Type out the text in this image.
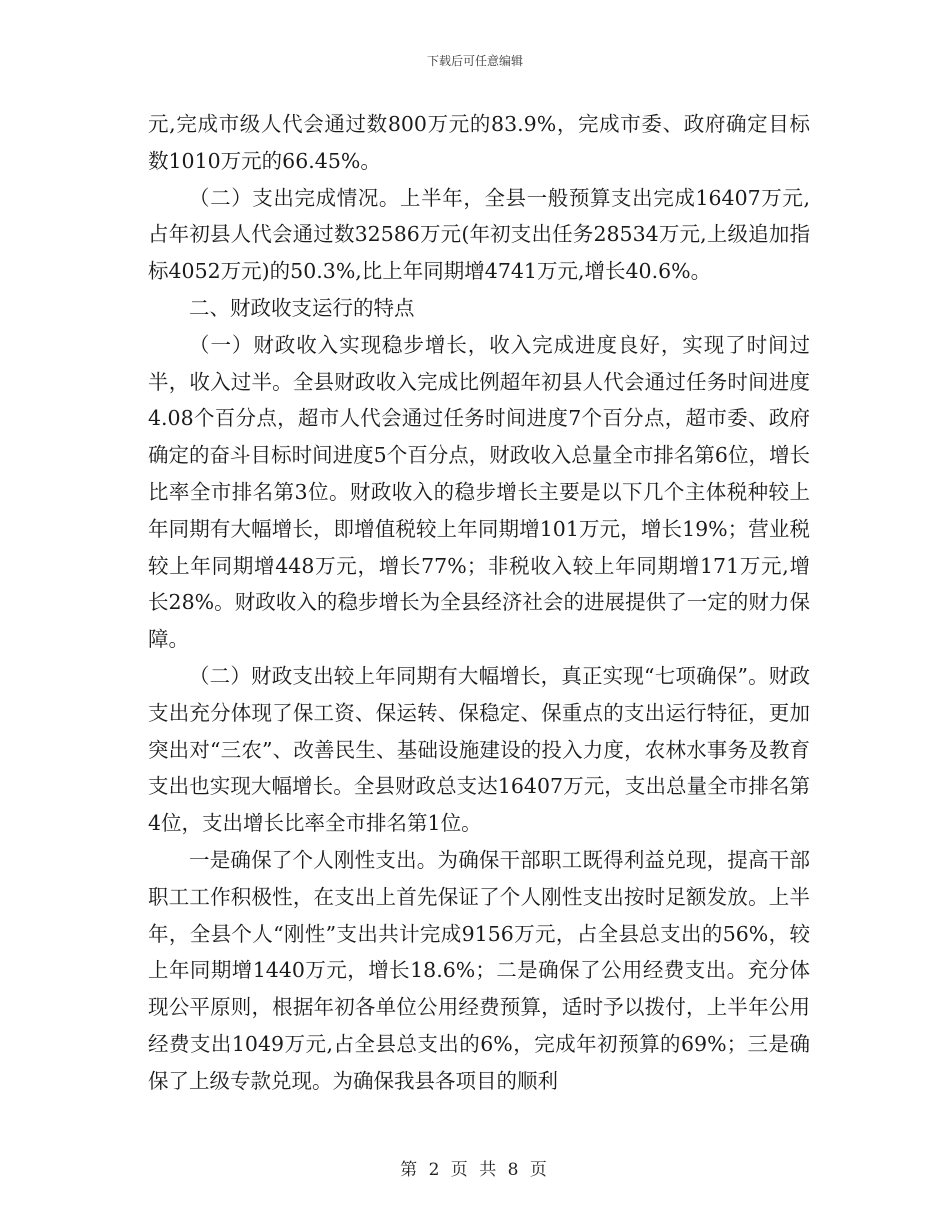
下载后可任意编辑

元,完成市级人代会通过数800万元的83.9%，完成市委、政府确定目标数1010万元的66.45%。

（二）支出完成情况。上半年，全县一般预算支出完成16407万元,占年初县人代会通过数32586万元(年初支出任务28534万元,上级追加指标4052万元)的50.3%,比上年同期增4741万元,增长40.6%。

二、财政收支运行的特点

（一）财政收入实现稳步增长，收入完成进度良好，实现了时间过半，收入过半。全县财政收入完成比例超年初县人代会通过任务时间进度4.08个百分点，超市人代会通过任务时间进度7个百分点，超市委、政府确定的奋斗目标时间进度5个百分点，财政收入总量全市排名第6位，增长比率全市排名第3位。财政收入的稳步增长主要是以下几个主体税种较上年同期有大幅增长，即增值税较上年同期增101万元，增长19%；营业税较上年同期增448万元，增长77%；非税收入较上年同期增171万元,增长28%。财政收入的稳步增长为全县经济社会的进展提供了一定的财力保障。

（二）财政支出较上年同期有大幅增长，真正实现“七项确保”。财政支出充分体现了保工资、保运转、保稳定、保重点的支出运行特征，更加突出对“三农”、改善民生、基础设施建设的投入力度，农林水事务及教育支出也实现大幅增长。全县财政总支达16407万元，支出总量全市排名第4位，支出增长比率全市排名第1位。

一是确保了个人刚性支出。为确保干部职工既得利益兑现，提高干部职工工作积极性，在支出上首先保证了个人刚性支出按时足额发放。上半年，全县个人“刚性”支出共计完成9156万元，占全县总支出的56%，较上年同期增1440万元，增长18.6%；二是确保了公用经费支出。充分体现公平原则，根据年初各单位公用经费预算，适时予以拨付，上半年公用经费支出1049万元,占全县总支出的6%，完成年初预算的69%；三是确保了上级专款兑现。为确保我县各项目的顺利

第 2 页 共 8 页
